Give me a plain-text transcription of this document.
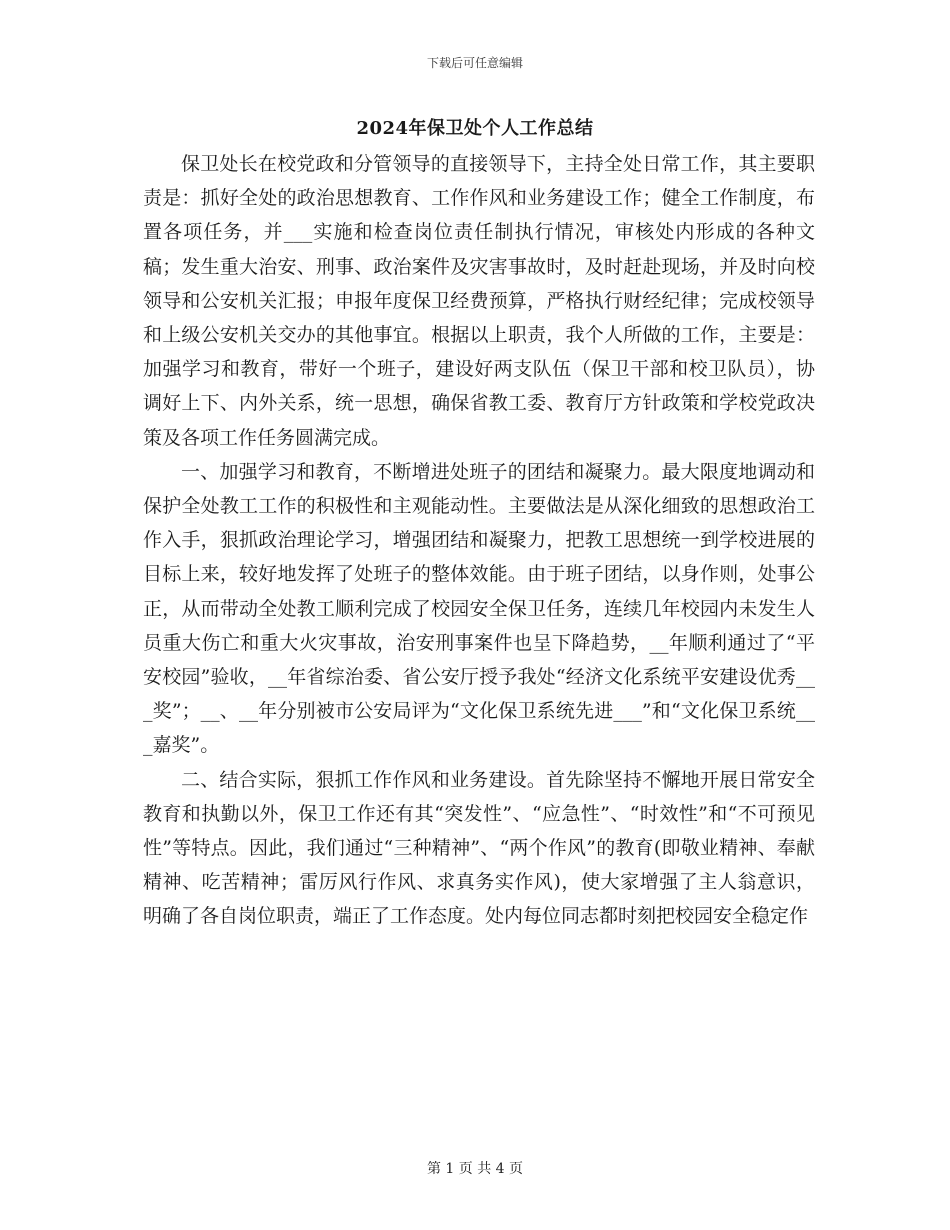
下载后可任意编辑
2024年保卫处个人工作总结

保卫处长在校党政和分管领导的直接领导下，主持全处日常工作，其主要职责是：抓好全处的政治思想教育、工作作风和业务建设工作；健全工作制度，布置各项任务，并___实施和检查岗位责任制执行情况，审核处内形成的各种文稿；发生重大治安、刑事、政治案件及灾害事故时，及时赶赴现场，并及时向校领导和公安机关汇报；申报年度保卫经费预算，严格执行财经纪律；完成校领导和上级公安机关交办的其他事宜。根据以上职责，我个人所做的工作，主要是：加强学习和教育，带好一个班子，建设好两支队伍（保卫干部和校卫队员），协调好上下、内外关系，统一思想，确保省教工委、教育厅方针政策和学校党政决策及各项工作任务圆满完成。

一、加强学习和教育，不断增进处班子的团结和凝聚力。最大限度地调动和保护全处教工工作的积极性和主观能动性。主要做法是从深化细致的思想政治工作入手，狠抓政治理论学习，增强团结和凝聚力，把教工思想统一到学校进展的目标上来，较好地发挥了处班子的整体效能。由于班子团结，以身作则，处事公正，从而带动全处教工顺利完成了校园安全保卫任务，连续几年校园内未发生人员重大伤亡和重大火灾事故，治安刑事案件也呈下降趋势，__年顺利通过了“平安校园”验收，__年省综治委、省公安厅授予我处“经济文化系统平安建设优秀___奖”；__、__年分别被市公安局评为“文化保卫系统先进___”和“文化保卫系统___嘉奖”。

二、结合实际，狠抓工作作风和业务建设。首先除坚持不懈地开展日常安全教育和执勤以外，保卫工作还有其“突发性”、“应急性”、“时效性”和“不可预见性”等特点。因此，我们通过“三种精神”、“两个作风”的教育(即敬业精神、奉献精神、吃苦精神；雷厉风行作风、求真务实作风)，使大家增强了主人翁意识，明确了各自岗位职责，端正了工作态度。处内每位同志都时刻把校园安全稳定作

第 1 页 共 4 页
